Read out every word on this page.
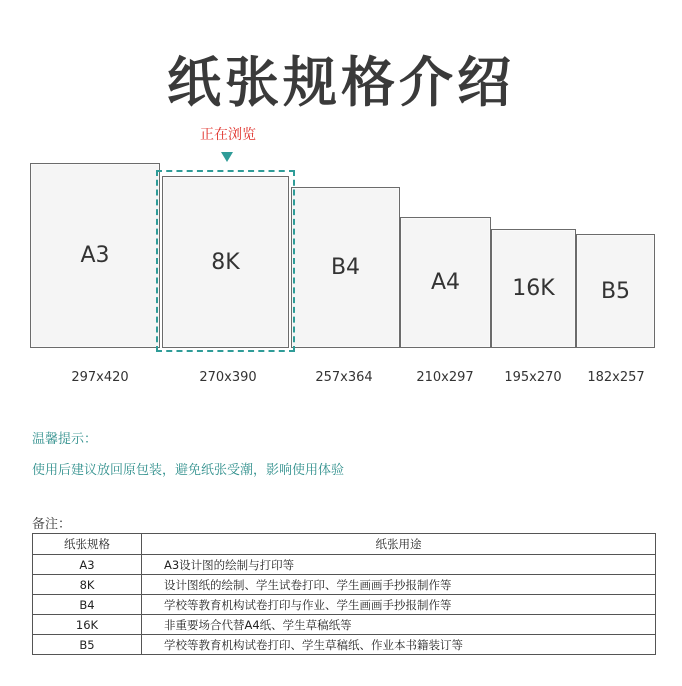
纸张规格介绍
正在浏览
A3	8K	B4
A4 16K B5
297x420	270x390	257x364	210x297	195x270	182x257
温馨提示：
使用后建议放回原包装，避免纸张受潮，影响使用体验
备注：
纸张规格	纸张用途
A3	A3设计图的绘制与打印等
8K	设计图纸的绘制、学生试卷打印、学生画画手抄报制作等
B4	学校等教育机构试卷打印与作业、学生画画手抄报制作等
16K	非重要场合代替A4纸、学生草稿纸等
B5	学校等教育机构试卷打印、学生草稿纸、作业本书籍装订等
